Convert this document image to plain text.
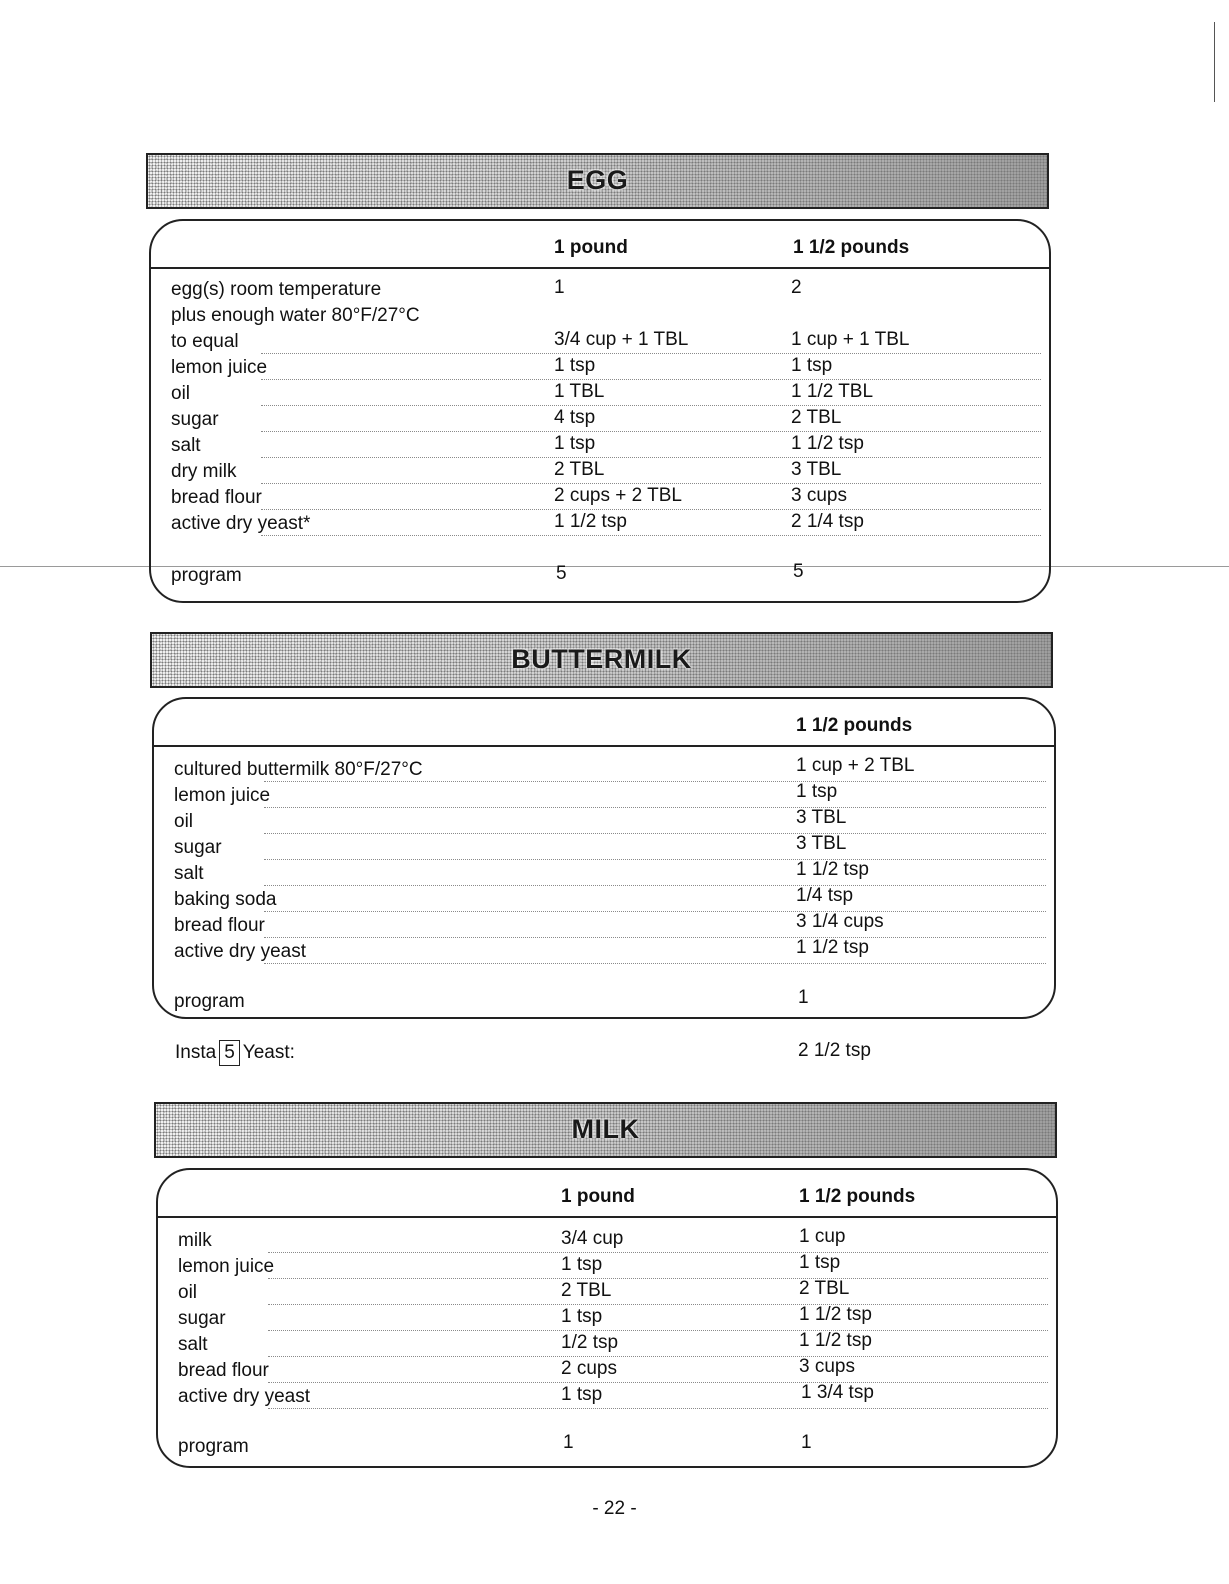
EGG
1 pound	1 1/2 pounds
egg(s) room temperature	1	2
plus enough water 80°F/27°C
to equal	3/4 cup + 1 TBL	1 cup + 1 TBL
lemon juice	1 tsp	1 tsp
oil	1 TBL	1 1/2 TBL
sugar	4 tsp	2 TBL
salt	1 tsp	1 1/2 tsp
dry milk	2 TBL	3 TBL
bread flour	2 cups + 2 TBL	3 cups
active dry yeast*	1 1/2 tsp	2 1/4 tsp
program	5	5
BUTTERMILK
1 1/2 pounds
cultured buttermilk 80°F/27°C	1 cup + 2 TBL
lemon juice	1 tsp
oil	3 TBL
sugar	3 TBL
salt	1 1/2 tsp
baking soda	1/4 tsp
bread flour	3 1/4 cups
active dry yeast	1 1/2 tsp
program	1
Insta 5 Yeast:	2 1/2 tsp
MILK
1 pound	1 1/2 pounds
milk	3/4 cup	1 cup
lemon juice	1 tsp	1 tsp
oil	2 TBL	2 TBL
sugar	1 tsp	1 1/2 tsp
salt	1/2 tsp	1 1/2 tsp
bread flour	2 cups	3 cups
active dry yeast	1 tsp	1 3/4 tsp
program	1	1
- 22 -
